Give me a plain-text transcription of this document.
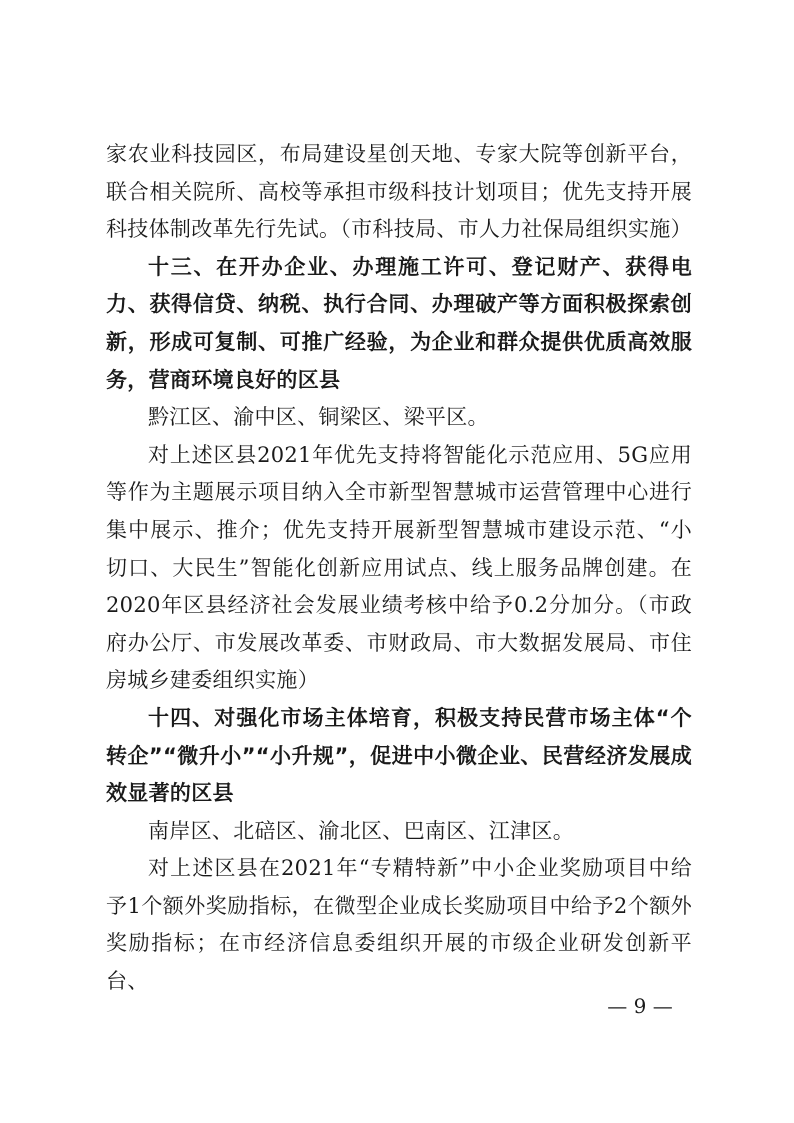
家农业科技园区，布局建设星创天地、专家大院等创新平台，联合相关院所、高校等承担市级科技计划项目；优先支持开展科技体制改革先行先试。（市科技局、市人力社保局组织实施）

十三、在开办企业、办理施工许可、登记财产、获得电力、获得信贷、纳税、执行合同、办理破产等方面积极探索创新，形成可复制、可推广经验，为企业和群众提供优质高效服务，营商环境良好的区县

黔江区、渝中区、铜梁区、梁平区。

对上述区县2021年优先支持将智能化示范应用、5G应用等作为主题展示项目纳入全市新型智慧城市运营管理中心进行集中展示、推介；优先支持开展新型智慧城市建设示范、“小切口、大民生”智能化创新应用试点、线上服务品牌创建。在2020年区县经济社会发展业绩考核中给予0.2分加分。（市政府办公厅、市发展改革委、市财政局、市大数据发展局、市住房城乡建委组织实施）

十四、对强化市场主体培育，积极支持民营市场主体“个转企”“微升小”“小升规”，促进中小微企业、民营经济发展成效显著的区县

南岸区、北碚区、渝北区、巴南区、江津区。

对上述区县在2021年“专精特新”中小企业奖励项目中给予1个额外奖励指标，在微型企业成长奖励项目中给予2个额外奖励指标；在市经济信息委组织开展的市级企业研发创新平台、

— 9 —
